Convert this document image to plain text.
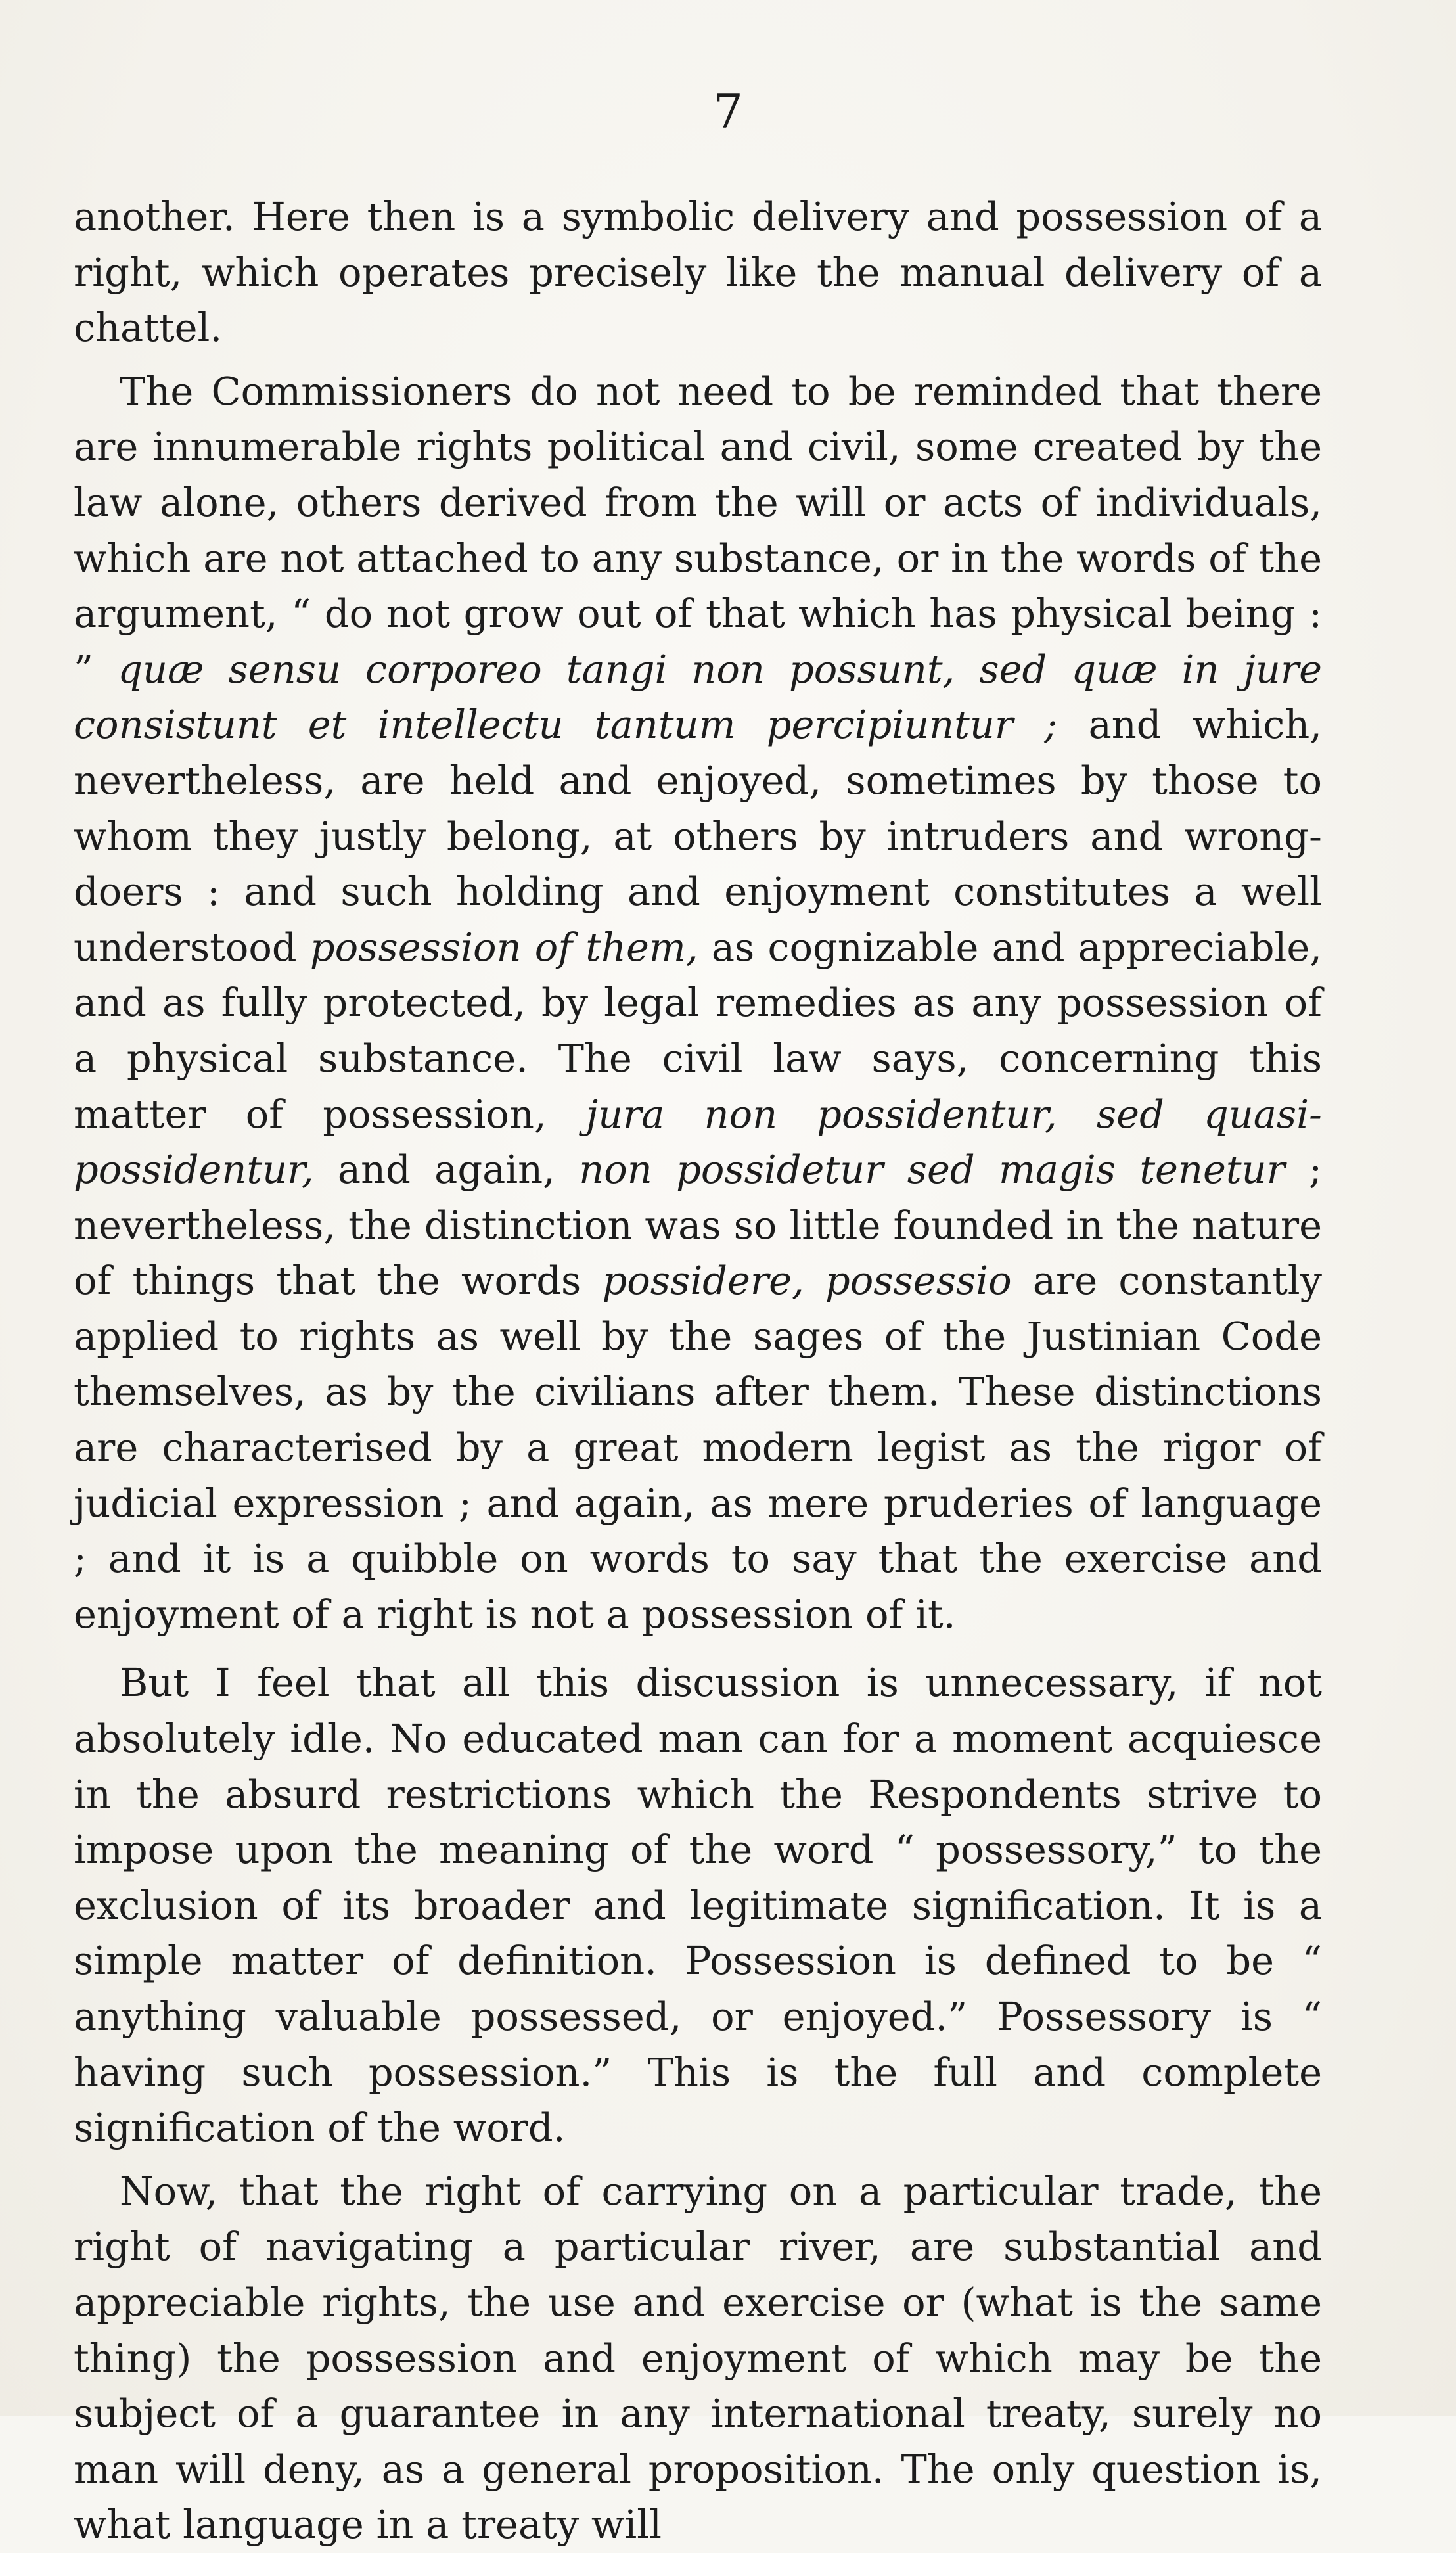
7

another. Here then is a symbolic delivery and possession of a right, which operates precisely like the manual delivery of a chattel.

The Commissioners do not need to be reminded that there are innumerable rights political and civil, some created by the law alone, others derived from the will or acts of individuals, which are not attached to any substance, or in the words of the argument, “ do not grow out of that which has physical being : ” quæ sensu corporeo tangi non possunt, sed quæ in jure consistunt et intellectu tantum percipiuntur ; and which, nevertheless, are held and enjoyed, sometimes by those to whom they justly belong, at others by intruders and wrong-doers : and such holding and enjoyment constitutes a well understood possession of them, as cognizable and appreciable, and as fully protected, by legal remedies as any possession of a physical substance. The civil law says, concerning this matter of possession, jura non possidentur, sed quasi-possidentur, and again, non possidetur sed magis tenetur ; nevertheless, the distinction was so little founded in the nature of things that the words possidere, possessio are constantly applied to rights as well by the sages of the Justinian Code themselves, as by the civilians after them. These distinctions are characterised by a great modern legist as the rigor of judicial expression ; and again, as mere pruderies of language ; and it is a quibble on words to say that the exercise and enjoyment of a right is not a possession of it.

But I feel that all this discussion is unnecessary, if not absolutely idle. No educated man can for a moment acquiesce in the absurd restrictions which the Respondents strive to impose upon the meaning of the word “ possessory,” to the exclusion of its broader and legitimate signification. It is a simple matter of definition. Possession is defined to be “ anything valuable possessed, or enjoyed.” Possessory is “ having such possession.” This is the full and complete signification of the word.

Now, that the right of carrying on a particular trade, the right of navigating a particular river, are substantial and appreciable rights, the use and exercise or (what is the same thing) the possession and enjoyment of which may be the subject of a guarantee in any international treaty, surely no man will deny, as a general proposition. The only question is, what language in a treaty will
